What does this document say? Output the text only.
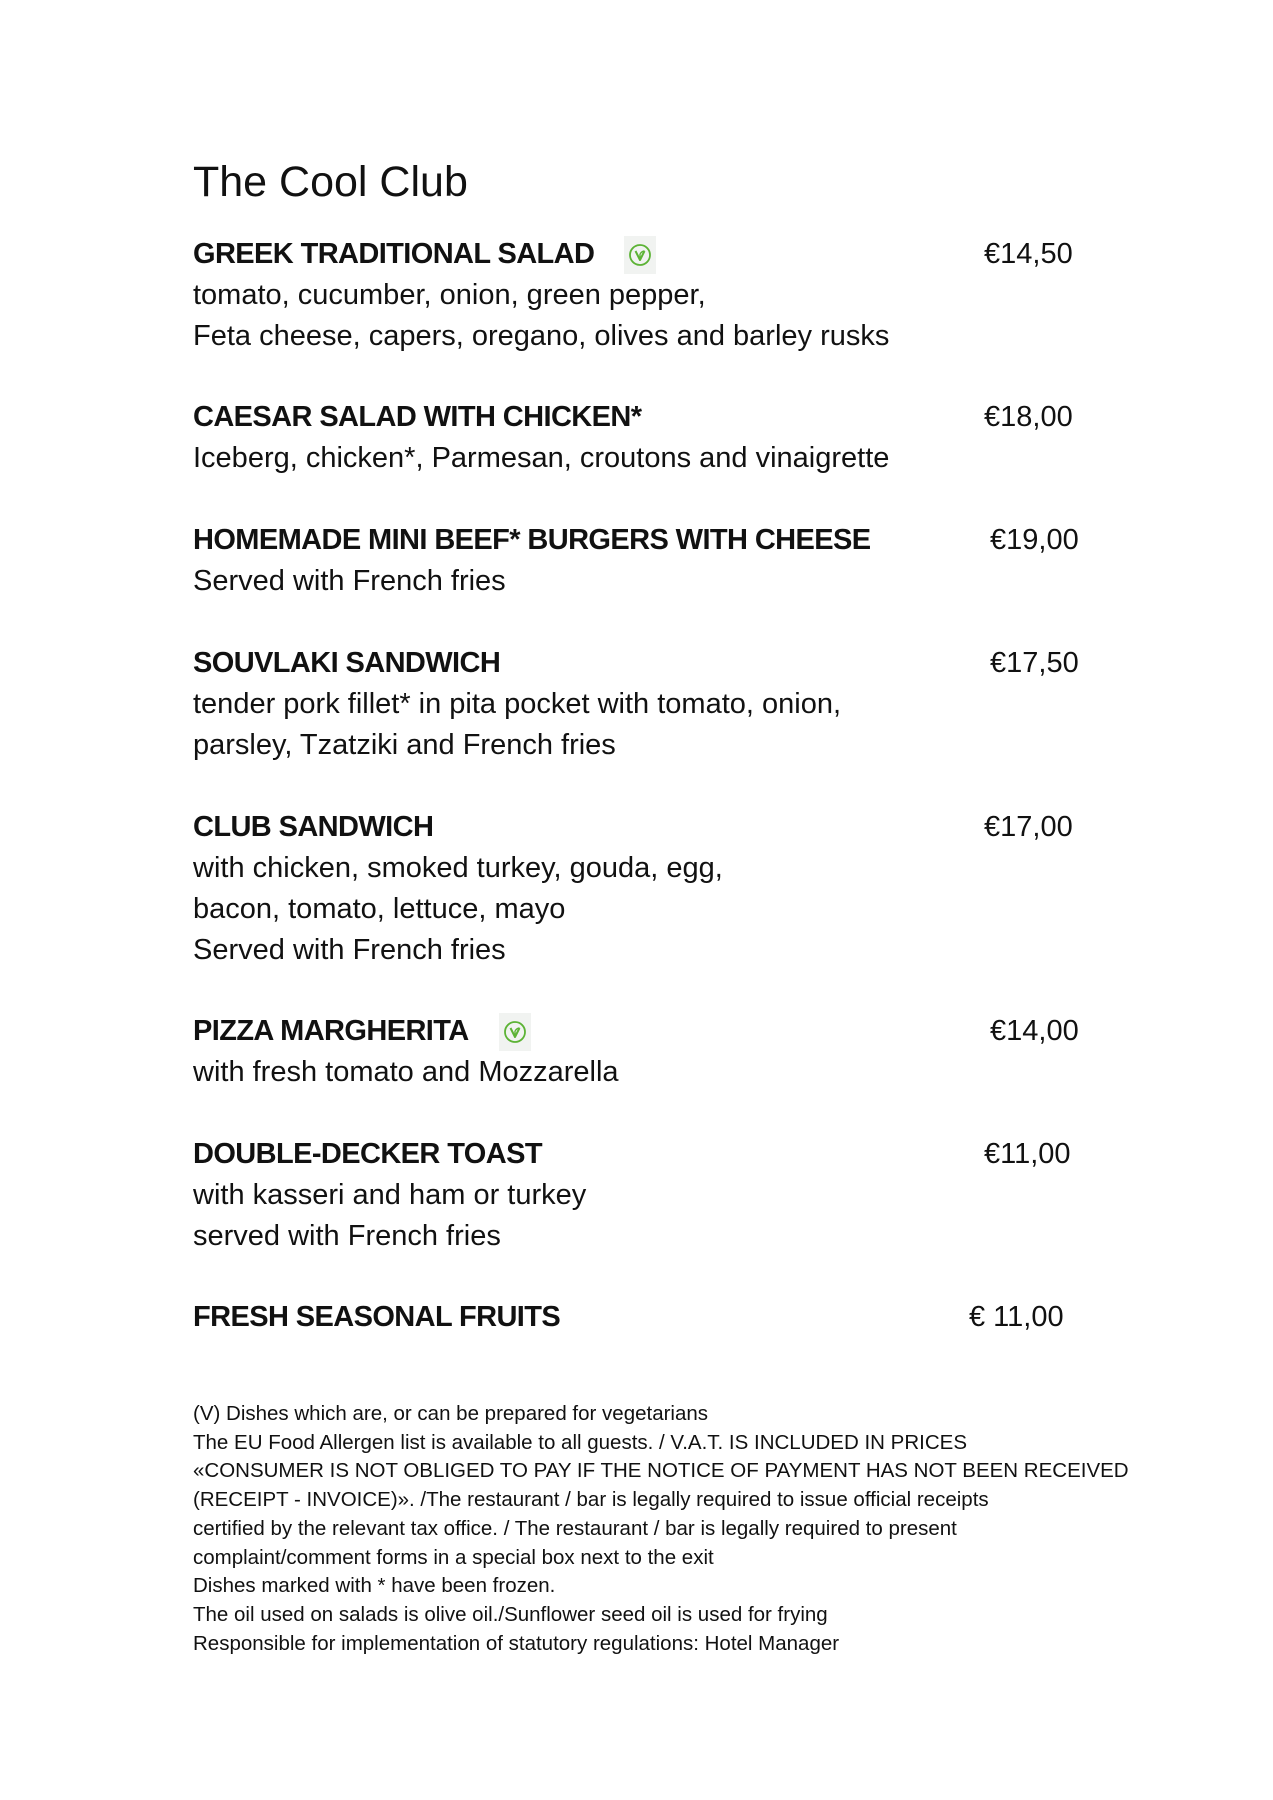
The Cool Club
GREEK TRADITIONAL SALAD	€14,50
tomato, cucumber, onion, green pepper,
Feta cheese, capers, oregano, olives and barley rusks
CAESAR SALAD WITH CHICKEN*	€18,00
Iceberg, chicken*, Parmesan, croutons and vinaigrette
HOMEMADE MINI BEEF* BURGERS WITH CHEESE	€19,00
Served with French fries
SOUVLAKI SANDWICH	€17,50
tender pork fillet* in pita pocket with tomato, onion,
parsley, Tzatziki and French fries
CLUB SANDWICH	€17,00
with chicken, smoked turkey, gouda, egg,
bacon, tomato, lettuce, mayo
Served with French fries
PIZZA MARGHERITA	€14,00
with fresh tomato and Mozzarella
DOUBLE-DECKER TOAST	€11,00
with kasseri and ham or turkey
served with French fries
FRESH SEASONAL FRUITS	€ 11,00
(V) Dishes which are, or can be prepared for vegetarians
The EU Food Allergen list is available to all guests. / V.A.T. IS INCLUDED IN PRICES
«CONSUMER IS NOT OBLIGED TO PAY IF THE NOTICE OF PAYMENT HAS NOT BEEN RECEIVED
(RECEIPT - INVOICE)». /The restaurant / bar is legally required to issue official receipts
certified by the relevant tax office. / The restaurant / bar is legally required to present
complaint/comment forms in a special box next to the exit
Dishes marked with * have been frozen.
The oil used on salads is olive oil./Sunflower seed oil is used for frying
Responsible for implementation of statutory regulations: Hotel Manager
